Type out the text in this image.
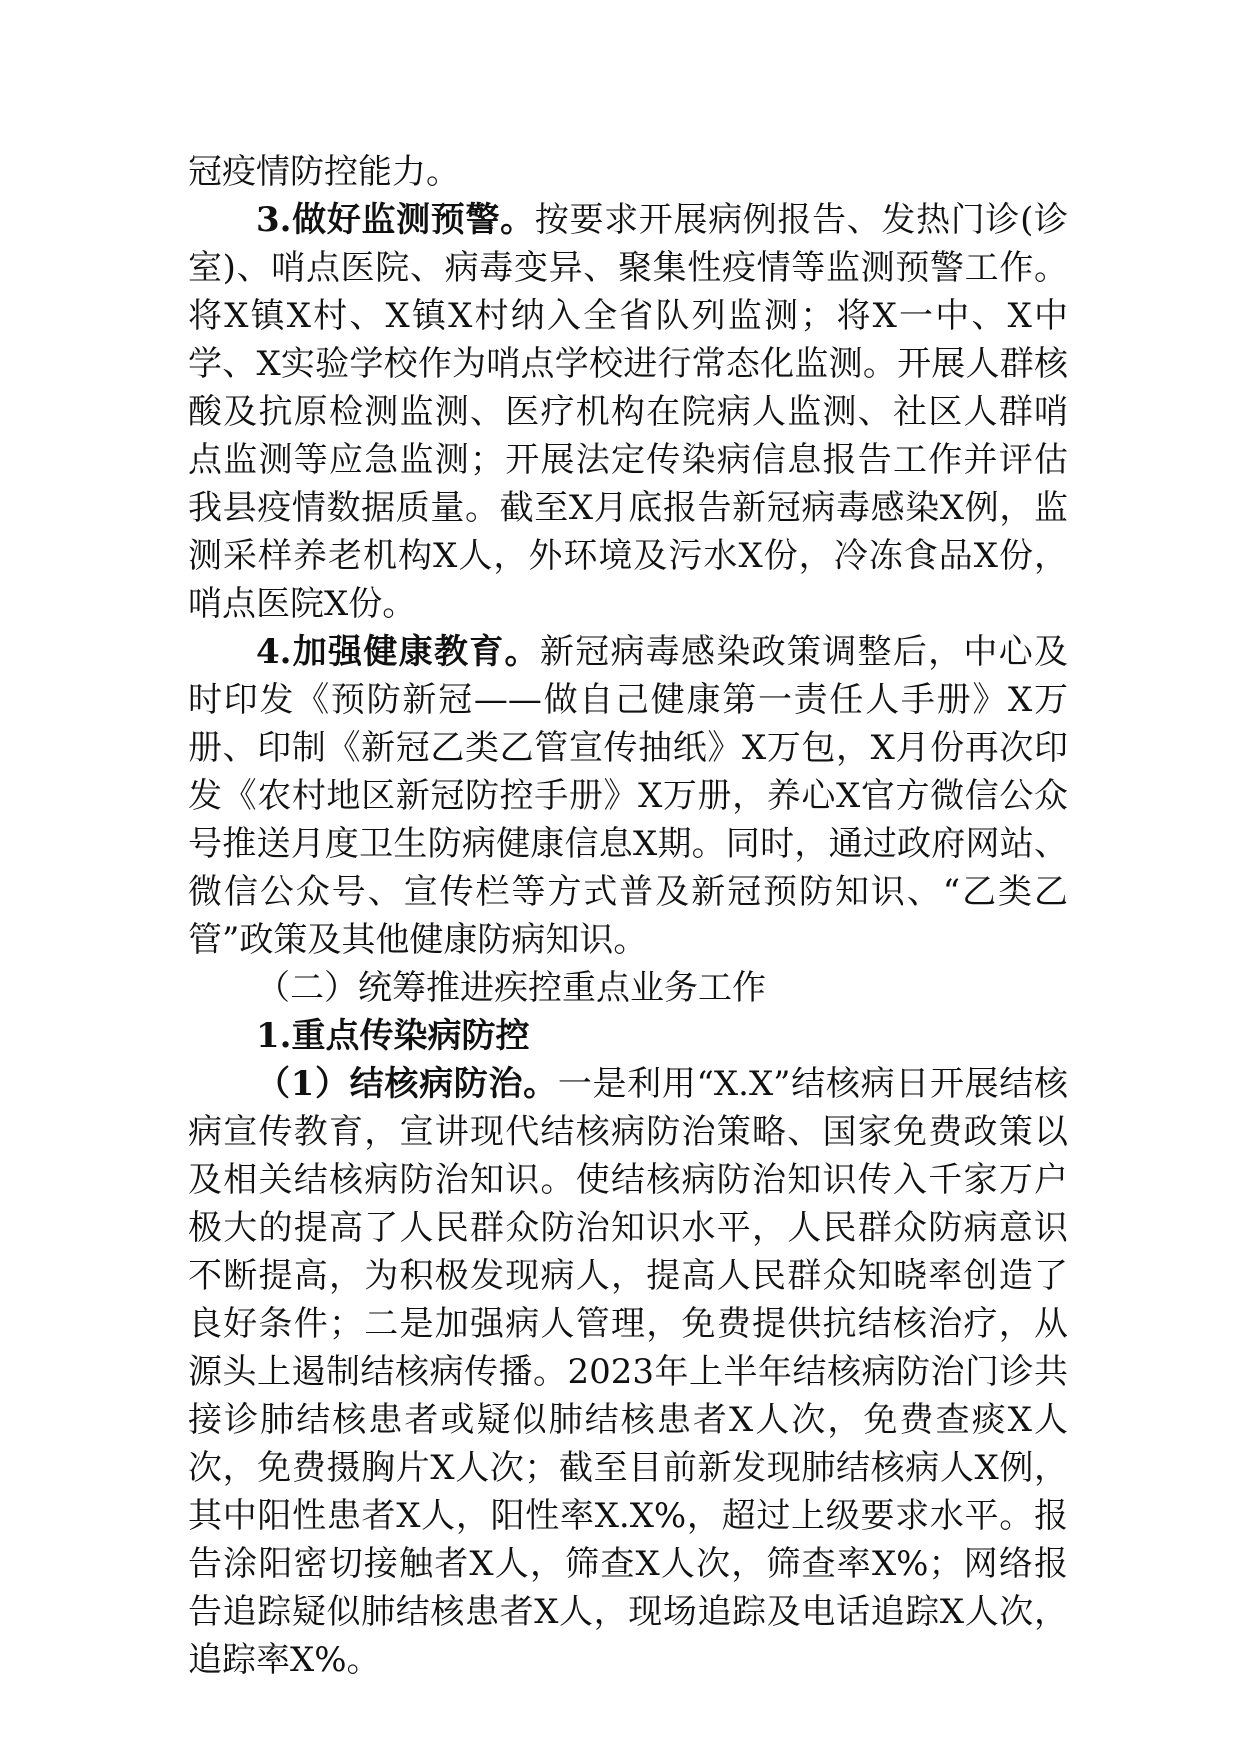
冠疫情防控能力。

3.做好监测预警。按要求开展病例报告、发热门诊(诊室)、哨点医院、病毒变异、聚集性疫情等监测预警工作。将X镇X村、X镇X村纳入全省队列监测；将X一中、X中学、X实验学校作为哨点学校进行常态化监测。开展人群核酸及抗原检测监测、医疗机构在院病人监测、社区人群哨点监测等应急监测；开展法定传染病信息报告工作并评估我县疫情数据质量。截至X月底报告新冠病毒感染X例，监测采样养老机构X人，外环境及污水X份，冷冻食品X份，哨点医院X份。

4.加强健康教育。新冠病毒感染政策调整后，中心及时印发《预防新冠——做自己健康第一责任人手册》X万册、印制《新冠乙类乙管宣传抽纸》X万包，X月份再次印发《农村地区新冠防控手册》X万册，养心X官方微信公众号推送月度卫生防病健康信息X期。同时，通过政府网站、微信公众号、宣传栏等方式普及新冠预防知识、“乙类乙管”政策及其他健康防病知识。

（二）统筹推进疾控重点业务工作

1.重点传染病防控

（1）结核病防治。一是利用“X.X”结核病日开展结核病宣传教育，宣讲现代结核病防治策略、国家免费政策以及相关结核病防治知识。使结核病防治知识传入千家万户极大的提高了人民群众防治知识水平，人民群众防病意识不断提高，为积极发现病人，提高人民群众知晓率创造了良好条件；二是加强病人管理，免费提供抗结核治疗，从源头上遏制结核病传播。2023年上半年结核病防治门诊共接诊肺结核患者或疑似肺结核患者X人次，免费查痰X人次，免费摄胸片X人次；截至目前新发现肺结核病人X例，其中阳性患者X人，阳性率X.X%，超过上级要求水平。报告涂阳密切接触者X人，筛查X人次，筛查率X%；网络报告追踪疑似肺结核患者X人，现场追踪及电话追踪X人次，追踪率X%。
